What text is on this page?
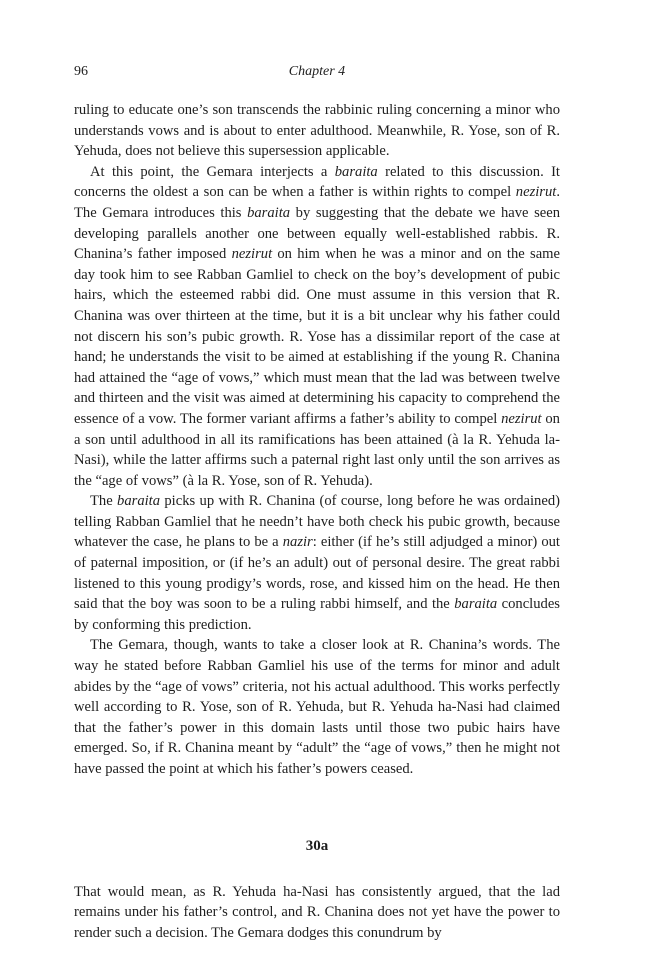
96	Chapter 4

ruling to educate one’s son transcends the rabbinic ruling concerning a minor who understands vows and is about to enter adulthood. Meanwhile, R. Yose, son of R. Yehuda, does not believe this supersession applicable.

At this point, the Gemara interjects a baraita related to this discussion. It concerns the oldest a son can be when a father is within rights to compel nezirut. The Gemara introduces this baraita by suggesting that the debate we have seen developing parallels another one between equally well-established rabbis. R. Chanina’s father imposed nezirut on him when he was a minor and on the same day took him to see Rabban Gamliel to check on the boy’s development of pubic hairs, which the esteemed rabbi did. One must assume in this version that R. Chanina was over thirteen at the time, but it is a bit unclear why his father could not discern his son’s pubic growth. R. Yose has a dissimilar report of the case at hand; he understands the visit to be aimed at establishing if the young R. Chanina had attained the “age of vows,” which must mean that the lad was between twelve and thirteen and the visit was aimed at determining his capacity to comprehend the essence of a vow. The former variant affirms a father’s ability to compel nezirut on a son until adulthood in all its ramifications has been attained (à la R. Yehuda la-Nasi), while the latter affirms such a paternal right last only until the son arrives as the “age of vows” (à la R. Yose, son of R. Yehuda).

The baraita picks up with R. Chanina (of course, long before he was ordained) telling Rabban Gamliel that he needn’t have both check his pubic growth, because whatever the case, he plans to be a nazir: either (if he’s still adjudged a minor) out of paternal imposition, or (if he’s an adult) out of personal desire. The great rabbi listened to this young prodigy’s words, rose, and kissed him on the head. He then said that the boy was soon to be a ruling rabbi himself, and the baraita concludes by conforming this prediction.

The Gemara, though, wants to take a closer look at R. Chanina’s words. The way he stated before Rabban Gamliel his use of the terms for minor and adult abides by the “age of vows” criteria, not his actual adulthood. This works perfectly well according to R. Yose, son of R. Yehuda, but R. Yehuda ha-Nasi had claimed that the father’s power in this domain lasts until those two pubic hairs have emerged. So, if R. Chanina meant by “adult” the “age of vows,” then he might not have passed the point at which his father’s powers ceased.

30a

That would mean, as R. Yehuda ha-Nasi has consistently argued, that the lad remains under his father’s control, and R. Chanina does not yet have the power to render such a decision. The Gemara dodges this conundrum by
